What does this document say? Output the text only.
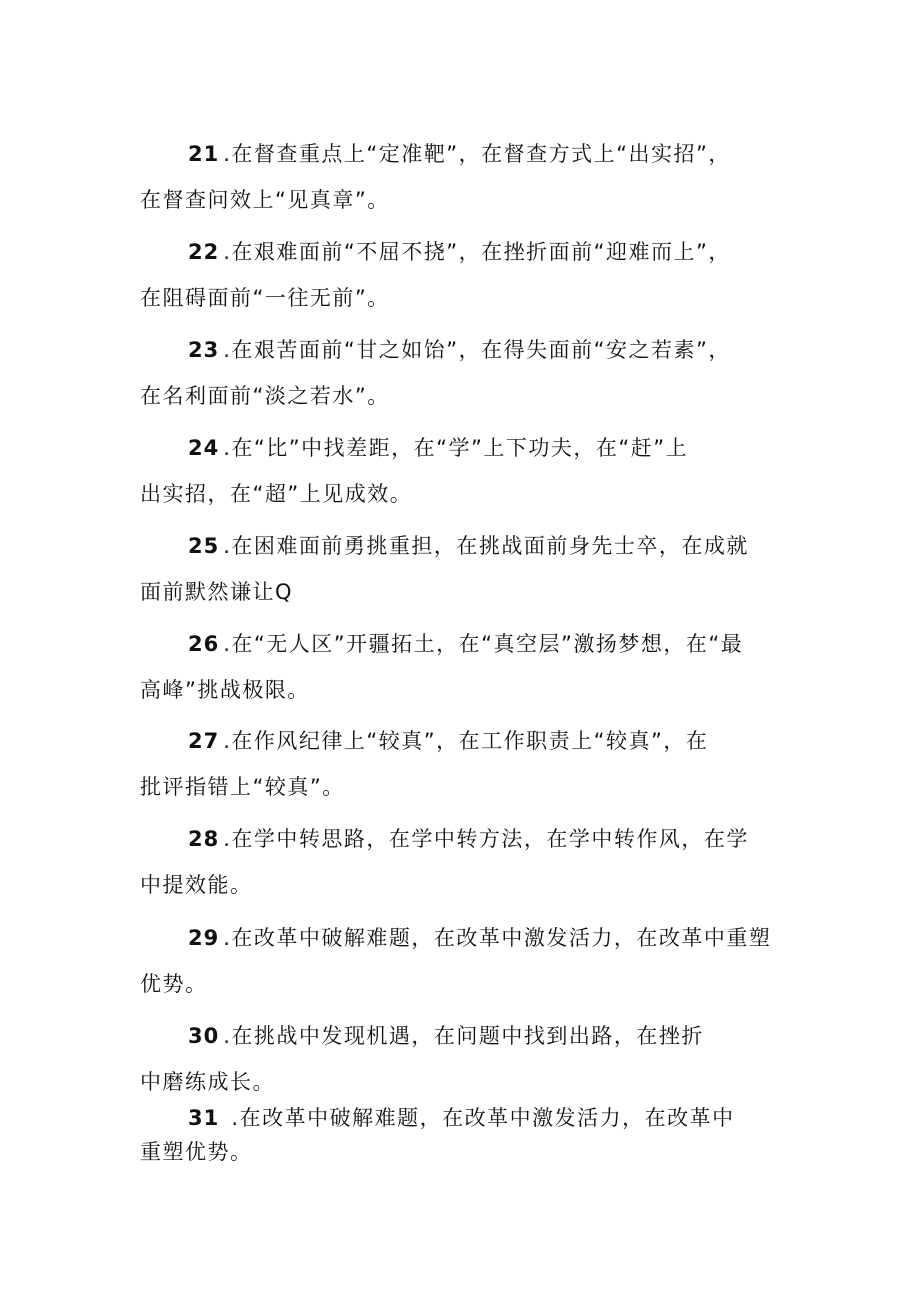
21 .在督查重点上“定准靶”，在督查方式上“出实招”，
在督查问效上“见真章”。
22 .在艰难面前“不屈不挠”，在挫折面前“迎难而上”，
在阻碍面前“一往无前”。
23 .在艰苦面前“甘之如饴”，在得失面前“安之若素”，
在名利面前“淡之若水”。
24 .在“比”中找差距，在“学”上下功夫，在“赶”上
出实招，在“超”上见成效。
25 .在困难面前勇挑重担，在挑战面前身先士卒，在成就
面前默然谦让Q
26 .在“无人区”开疆拓土，在“真空层”激扬梦想，在“最
高峰”挑战极限。
27 .在作风纪律上“较真”，在工作职责上“较真”，在
批评指错上“较真”。
28 .在学中转思路，在学中转方法，在学中转作风，在学
中提效能。
29 .在改革中破解难题，在改革中激发活力，在改革中重塑
优势。
30 .在挑战中发现机遇，在问题中找到出路，在挫折
中磨练成长。
31 .在改革中破解难题，在改革中激发活力，在改革中
重塑优势。
